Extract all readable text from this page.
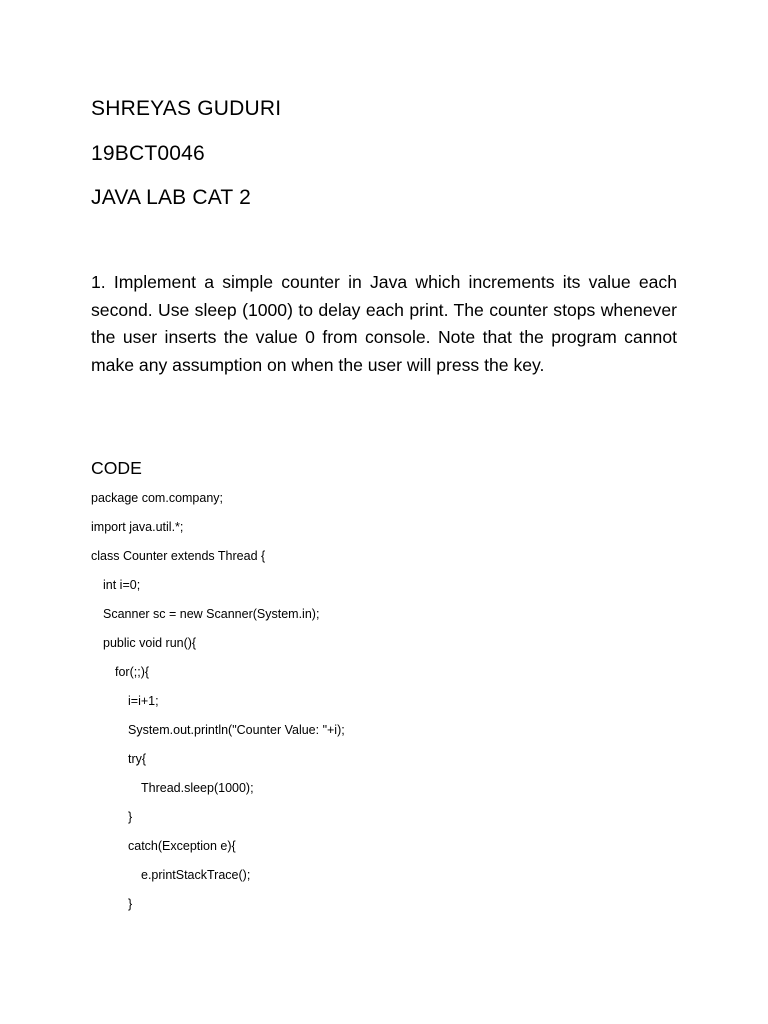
SHREYAS GUDURI
19BCT0046
JAVA LAB CAT 2
1. Implement a simple counter in Java which increments its value each second. Use sleep (1000) to delay each print. The counter stops whenever the user inserts the value 0 from console. Note that the program cannot make any assumption on when the user will press the key.
CODE
package com.company;
import java.util.*;
class Counter extends Thread {
int i=0;
Scanner sc = new Scanner(System.in);
public void run(){
for(;;){
i=i+1;
System.out.println("Counter Value: "+i);
try{
Thread.sleep(1000);
}
catch(Exception e){
e.printStackTrace();
}
